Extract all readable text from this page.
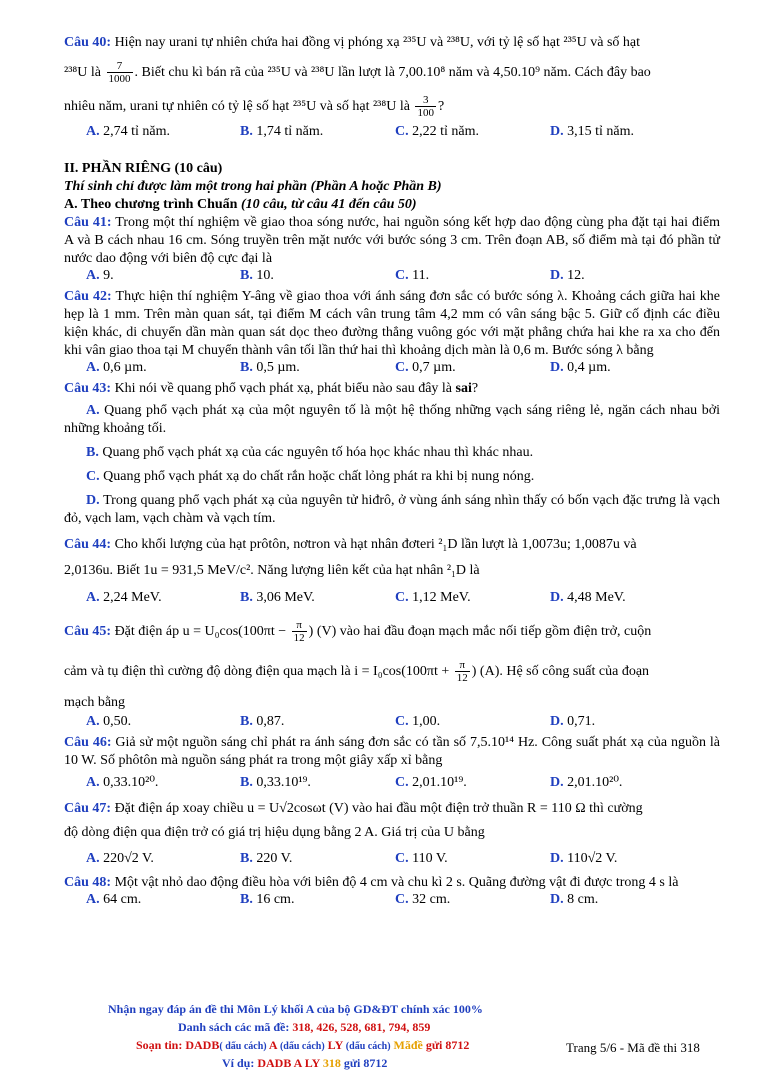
Câu 40: Hiện nay urani tự nhiên chứa hai đồng vị phóng xạ ²³⁵U và ²³⁸U, với tỷ lệ số hạt ²³⁵U và số hạt
²³⁸U là $\frac{7}{1000}$ . Biết chu kì bán rã của ²³⁵U và ²³⁸U lần lượt là 7,00.10⁸ năm và 4,50.10⁹ năm. Cách đây bao
nhiêu năm, urani tự nhiên có tỷ lệ số hạt ²³⁵U và số hạt ²³⁸U là $\frac{3}{100}$ ?
A. 2,74 tỉ năm.	B. 1,74 tỉ năm.	C. 2,22 tỉ năm.	D. 3,15 tỉ năm.
II. PHẦN RIÊNG (10 câu)
Thí sinh chỉ được làm một trong hai phần (Phần A hoặc Phần B)
A. Theo chương trình Chuẩn (10 câu, từ câu 41 đến câu 50)
Câu 41: Trong một thí nghiệm về giao thoa sóng nước, hai nguồn sóng kết hợp dao động cùng pha đặt tại hai điểm A và B cách nhau 16 cm. Sóng truyền trên mặt nước với bước sóng 3 cm. Trên đoạn AB, số điểm mà tại đó phần tử nước dao động với biên độ cực đại là
A. 9.	B. 10.	C. 11.	D. 12.
Câu 42: Thực hiện thí nghiệm Y-âng về giao thoa với ánh sáng đơn sắc có bước sóng λ. Khoảng cách giữa hai khe hẹp là 1 mm. Trên màn quan sát, tại điểm M cách vân trung tâm 4,2 mm có vân sáng bậc 5. Giữ cố định các điều kiện khác, di chuyển dần màn quan sát dọc theo đường thẳng vuông góc với mặt phẳng chứa hai khe ra xa cho đến khi vân giao thoa tại M chuyển thành vân tối lần thứ hai thì khoảng dịch màn là 0,6 m. Bước sóng λ bằng
A. 0,6 µm.	B. 0,5 µm.	C. 0,7 µm.	D. 0,4 µm.
Câu 43: Khi nói về quang phổ vạch phát xạ, phát biểu nào sau đây là sai?
A. Quang phổ vạch phát xạ của một nguyên tố là một hệ thống những vạch sáng riêng lẻ, ngăn cách nhau bởi những khoảng tối.
B. Quang phổ vạch phát xạ của các nguyên tố hóa học khác nhau thì khác nhau.
C. Quang phổ vạch phát xạ do chất rắn hoặc chất lỏng phát ra khi bị nung nóng.
D. Trong quang phổ vạch phát xạ của nguyên tử hiđrô, ở vùng ánh sáng nhìn thấy có bốn vạch đặc trưng là vạch đỏ, vạch lam, vạch chàm và vạch tím.
Câu 44: Cho khối lượng của hạt prôtôn, nơtron và hạt nhân đơteri ²₁D lần lượt là 1,0073u; 1,0087u và
2,0136u. Biết 1u = 931,5 MeV/c². Năng lượng liên kết của hạt nhân ²₁D là
A. 2,24 MeV.	B. 3,06 MeV.	C. 1,12 MeV.	D. 4,48 MeV.
Câu 45: Đặt điện áp $u = U_0\cos(100\pi t - \frac{\pi}{12}$ ) (V) vào hai đầu đoạn mạch mắc nối tiếp gồm điện trở, cuộn
cảm và tụ điện thì cường độ dòng điện qua mạch là $i = I_0\cos(100\pi t + \frac{\pi}{12}$ ) (A). Hệ số công suất của đoạn
mạch bằng
A. 0,50.	B. 0,87.	C. 1,00.	D. 0,71.
Câu 46: Giả sử một nguồn sáng chỉ phát ra ánh sáng đơn sắc có tần số 7,5.10¹⁴ Hz. Công suất phát xạ của nguồn là 10 W. Số phôtôn mà nguồn sáng phát ra trong một giây xấp xỉ bằng
A. 0,33.10²⁰.	B. 0,33.10¹⁹.	C. 2,01.10¹⁹.	D. 2,01.10²⁰.
Câu 47: Đặt điện áp xoay chiều u = U√2cosωt (V) vào hai đầu một điện trở thuần R = 110 Ω thì cường
độ dòng điện qua điện trở có giá trị hiệu dụng bằng 2 A. Giá trị của U bằng
A. 220√2 V.	B. 220 V.	C. 110 V.	D. 110√2 V.
Câu 48: Một vật nhỏ dao động điều hòa với biên độ 4 cm và chu kì 2 s. Quãng đường vật đi được trong 4 s là
A. 64 cm.	B. 16 cm.	C. 32 cm.	D. 8 cm.
Nhận ngay đáp án đề thi Môn Lý khối A của bộ GD&ĐT chính xác 100%
Danh sách các mã đề: 318, 426, 528, 681, 794, 859
Soạn tin: DADB( dấu cách) A (dấu cách) LY (dấu cách) Mãđề gửi 8712
Ví dụ: DADB A LY 318 gửi 8712
Trang 5/6 - Mã đề thi 318
